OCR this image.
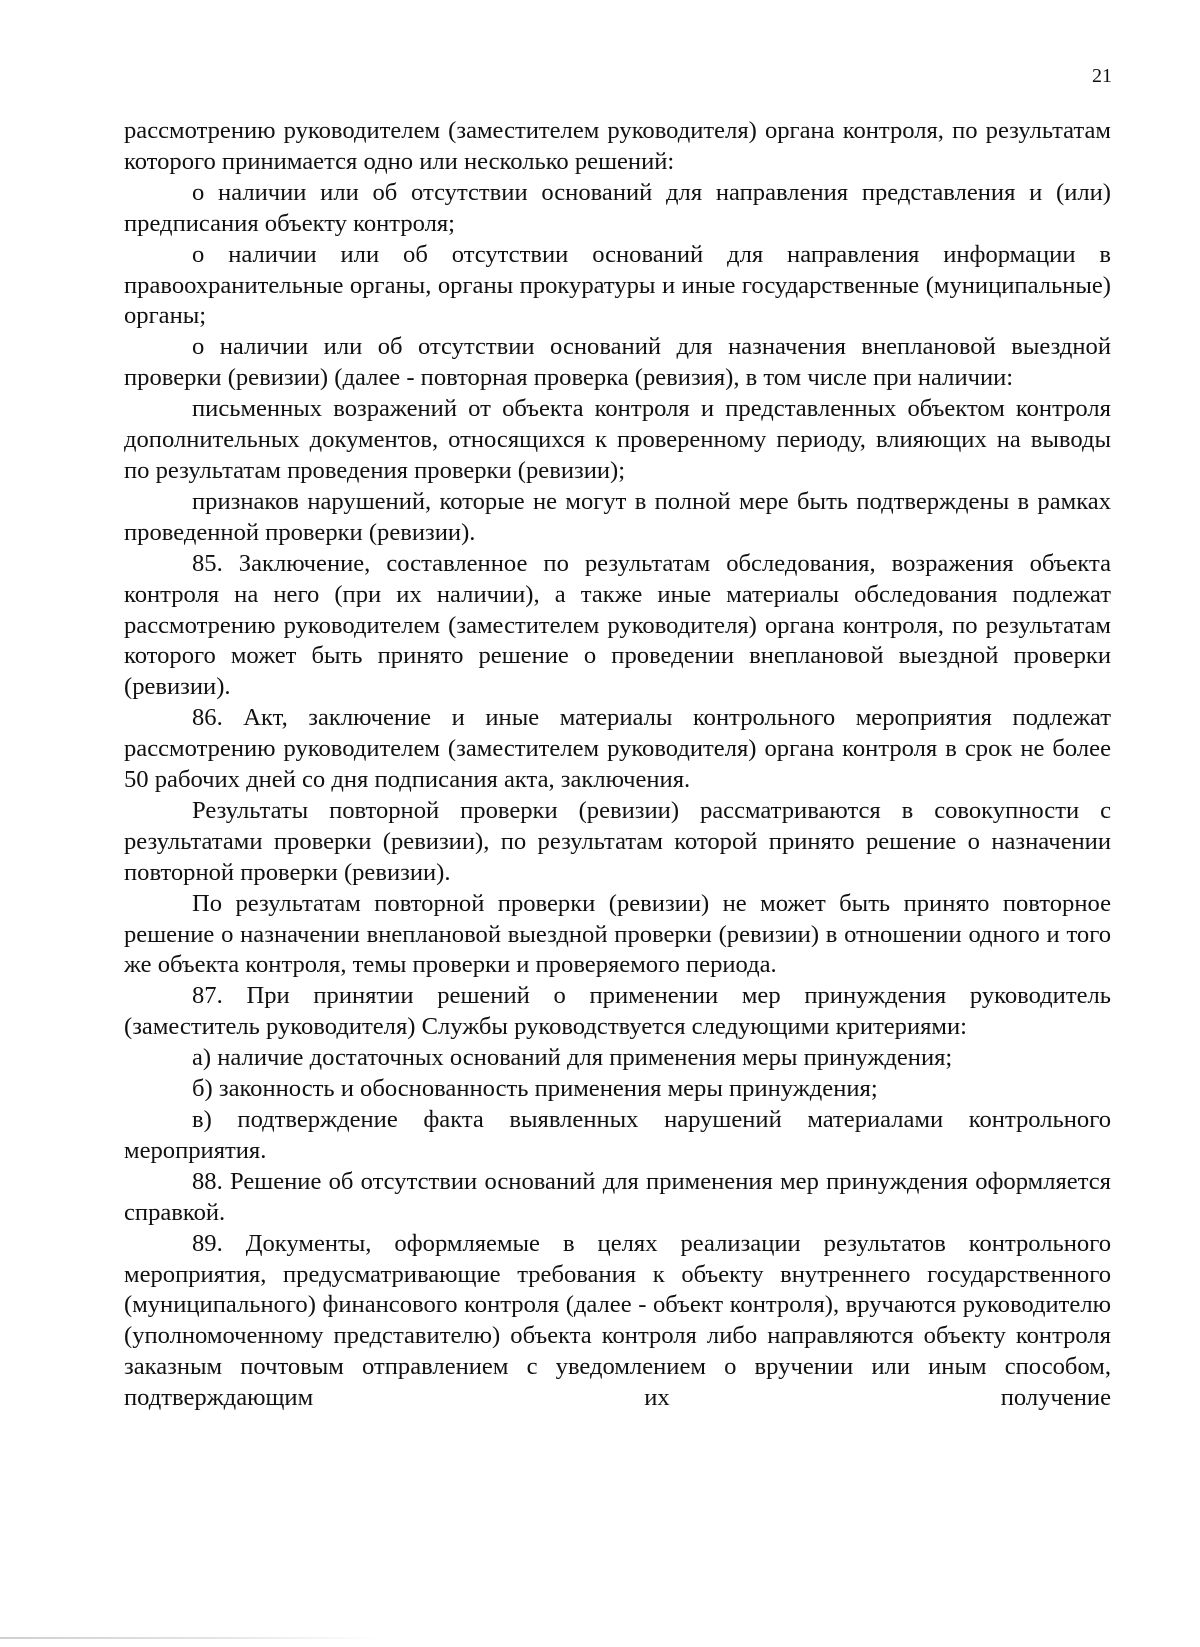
21

рассмотрению руководителем (заместителем руководителя) органа контроля, по результатам которого принимается одно или несколько решений:

о наличии или об отсутствии оснований для направления представления и (или) предписания объекту контроля;

о наличии или об отсутствии оснований для направления информации в правоохранительные органы, органы прокуратуры и иные государственные (муниципальные) органы;

о наличии или об отсутствии оснований для назначения внеплановой выездной проверки (ревизии) (далее - повторная проверка (ревизия), в том числе при наличии:

письменных возражений от объекта контроля и представленных объектом контроля дополнительных документов, относящихся к проверенному периоду, влияющих на выводы по результатам проведения проверки (ревизии);

признаков нарушений, которые не могут в полной мере быть подтверждены в рамках проведенной проверки (ревизии).

85. Заключение, составленное по результатам обследования, возражения объекта контроля на него (при их наличии), а также иные материалы обследования подлежат рассмотрению руководителем (заместителем руководителя) органа контроля, по результатам которого может быть принято решение о проведении внеплановой выездной проверки (ревизии).

86. Акт, заключение и иные материалы контрольного мероприятия подлежат рассмотрению руководителем (заместителем руководителя) органа контроля в срок не более 50 рабочих дней со дня подписания акта, заключения.

Результаты повторной проверки (ревизии) рассматриваются в совокупности с результатами проверки (ревизии), по результатам которой принято решение о назначении повторной проверки (ревизии).

По результатам повторной проверки (ревизии) не может быть принято повторное решение о назначении внеплановой выездной проверки (ревизии) в отношении одного и того же объекта контроля, темы проверки и проверяемого периода.

87. При принятии решений о применении мер принуждения руководитель (заместитель руководителя) Службы руководствуется следующими критериями:

а) наличие достаточных оснований для применения меры принуждения;

б) законность и обоснованность применения меры принуждения;

в) подтверждение факта выявленных нарушений материалами контрольного мероприятия.

88. Решение об отсутствии оснований для применения мер принуждения оформляется справкой.

89. Документы, оформляемые в целях реализации результатов контрольного мероприятия, предусматривающие требования к объекту внутреннего государственного (муниципального) финансового контроля (далее - объект контроля), вручаются руководителю (уполномоченному представителю) объекта контроля либо направляются объекту контроля заказным почтовым отправлением с уведомлением о вручении или иным способом, подтверждающим их получение
